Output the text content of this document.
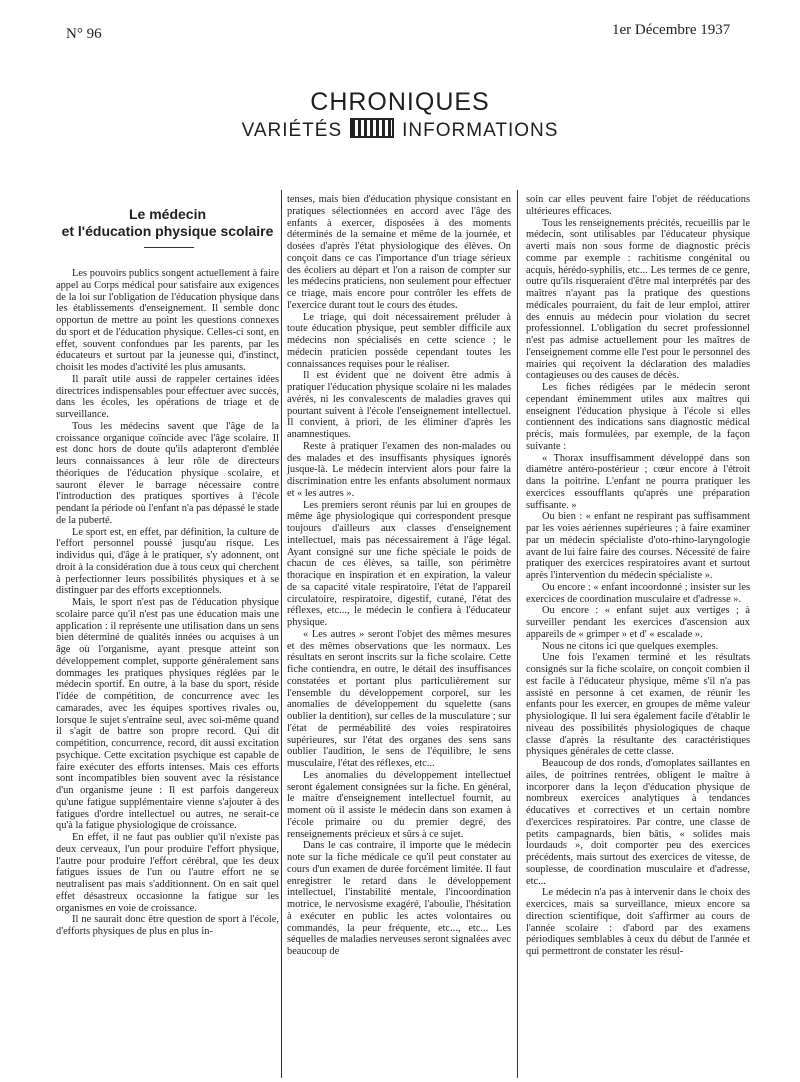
N° 96	1er Décembre 1937
CHRONIQUES
VARIÉTÉS	INFORMATIONS
Le médecin
et l'éducation physique scolaire

Les pouvoirs publics songent actuellement à faire appel au Corps médical pour satisfaire aux exigences de la loi sur l'obligation de l'éducation physique dans les établissements d'enseignement. Il semble donc opportun de mettre au point les questions connexes du sport et de l'éducation physique. Celles-ci sont, en effet, souvent confondues par les parents, par les éducateurs et surtout par la jeunesse qui, d'instinct, choisit les modes d'activité les plus amusants.

Il paraît utile aussi de rappeler certaines idées directrices indispensables pour effectuer avec succès, dans les écoles, les opérations de triage et de surveillance.

Tous les médecins savent que l'âge de la croissance organique coïncide avec l'âge scolaire. Il est donc hors de doute qu'ils adapteront d'emblée leurs connaissances à leur rôle de directeurs théoriques de l'éducation physique scolaire, et sauront élever le barrage nécessaire contre l'introduction des pratiques sportives à l'école pendant la période où l'enfant n'a pas dépassé le stade de la puberté.

Le sport est, en effet, par définition, la culture de l'effort personnel poussé jusqu'au risque. Les individus qui, d'âge à le pratiquer, s'y adonnent, ont droit à la considération due à tous ceux qui cherchent à perfectionner leurs possibilités physiques et à se distinguer par des efforts exceptionnels.

Mais, le sport n'est pas de l'éducation physique scolaire parce qu'il n'est pas une éducation mais une application : il représente une utilisation dans un sens bien déterminé de qualités innées ou acquises à un âge où l'organisme, ayant presque atteint son développement complet, supporte généralement sans dommages les pratiques physiques réglées par le médecin sportif. En outre, à la base du sport, réside l'idée de compétition, de concurrence avec les camarades, avec les équipes sportives rivales ou, lorsque le sujet s'entraîne seul, avec soi-même quand il s'agit de battre son propre record. Qui dit compétition, concurrence, record, dit aussi excitation psychique. Cette excitation psychique est capable de faire exécuter des efforts intenses. Mais ces efforts sont incompatibles bien souvent avec la résistance d'un organisme jeune : Il est parfois dangereux qu'une fatigue supplémentaire vienne s'ajouter à des fatigues d'ordre intellectuel ou autres, ne serait-ce qu'à la fatigue physiologique de croissance.

En effet, il ne faut pas oublier qu'il n'existe pas deux cerveaux, l'un pour produire l'effort physique, l'autre pour produire l'effort cérébral, que les deux fatigues issues de l'un ou l'autre effort ne se neutralisent pas mais s'additionnent. On en sait quel effet désastreux occasionne la fatigue sur les organismes en voie de croissance.

Il ne saurait donc être question de sport à l'école, d'efforts physiques de plus en plus in-

tenses, mais bien d'éducation physique consistant en pratiques sélectionnées en accord avec l'âge des enfants à exercer, disposées à des moments déterminés de la semaine et même de la journée, et dosées d'après l'état physiologique des élèves. On conçoit dans ce cas l'importance d'un triage sérieux des écoliers au départ et l'on a raison de compter sur les médecins praticiens, non seulement pour effectuer ce triage, mais encore pour contrôler les effets de l'exercice durant tout le cours des études.

Le triage, qui doit nécessairement préluder à toute éducation physique, peut sembler difficile aux médecins non spécialisés en cette science ; le médecin praticien possède cependant toutes les connaissances requises pour le réaliser.

Il est évident que ne doivent être admis à pratiquer l'éducation physique scolaire ni les malades avérés, ni les convalescents de maladies graves qui pourtant suivent à l'école l'enseignement intellectuel. Il convient, à priori, de les éliminer d'après les anamnestiques.

Reste à pratiquer l'examen des non-malades ou des malades et des insuffisants physiques ignorés jusque-là. Le médecin intervient alors pour faire la discrimination entre les enfants absolument normaux et « les autres ».

Les premiers seront réunis par lui en groupes de même âge physiologique qui correspondent presque toujours d'ailleurs aux classes d'enseignement intellectuel, mais pas nécessairement à l'âge légal. Ayant consigné sur une fiche spéciale le poids de chacun de ces élèves, sa taille, son périmètre thoracique en inspiration et en expiration, la valeur de sa capacité vitale respiratoire, l'état de l'appareil circulatoire, respiratoire, digestif, cutané, l'état des réflexes, etc..., le médecin le confiera à l'éducateur physique.

« Les autres » seront l'objet des mêmes mesures et des mêmes observations que les normaux. Les résultats en seront inscrits sur la fiche scolaire. Cette fiche contiendra, en outre, le détail des insuffisances constatées et portant plus particulièrement sur l'ensemble du développement corporel, sur les anomalies de développement du squelette (sans oublier la dentition), sur celles de la musculature ; sur l'état de perméabilité des voies respiratoires supérieures, sur l'état des organes des sens sans oublier l'audition, le sens de l'équilibre, le sens musculaire, l'état des réflexes, etc...

Les anomalies du développement intellectuel seront également consignées sur la fiche. En général, le maître d'enseignement intellectuel fournit, au moment où il assiste le médecin dans son examen à l'école primaire ou du premier degré, des renseignements précieux et sûrs à ce sujet.

Dans le cas contraire, il importe que le médecin note sur la fiche médicale ce qu'il peut constater au cours d'un examen de durée forcément limitée. Il faut enregistrer le retard dans le développement intellectuel, l'instabilité mentale, l'incoordination motrice, le nervosisme exagéré, l'aboulie, l'hésitation à exécuter en public les actes volontaires ou commandés, la peur fréquente, etc..., etc... Les séquelles de maladies nerveuses seront signalées avec beaucoup de

soin car elles peuvent faire l'objet de rééducations ultérieures efficaces.

Tous les renseignements précités, recueillis par le médecin, sont utilisables par l'éducateur physique averti mais non sous forme de diagnostic précis comme par exemple : rachitisme congénital ou acquis, hérédo-syphilis, etc... Les termes de ce genre, outre qu'ils risqueraient d'être mal interprétés par des maîtres n'ayant pas la pratique des questions médicales pourraient, du fait de leur emploi, attirer des ennuis au médecin pour violation du secret professionnel. L'obligation du secret professionnel n'est pas admise actuellement pour les maîtres de l'enseignement comme elle l'est pour le personnel des mairies qui reçoivent la déclaration des maladies contagieuses ou des causes de décès.

Les fiches rédigées par le médecin seront cependant éminemment utiles aux maîtres qui enseignent l'éducation physique à l'école si elles contiennent des indications sans diagnostic médical précis, mais formulées, par exemple, de la façon suivante :

« Thorax insuffisamment développé dans son diamètre antéro-postérieur ; cœur encore à l'étroit dans la poitrine. L'enfant ne pourra pratiquer les exercices essoufflants qu'après une préparation suffisante. »

Ou bien : « enfant ne respirant pas suffisamment par les voies aériennes supérieures ; à faire examiner par un médecin spécialiste d'oto-rhino-laryngologie avant de lui faire faire des courses. Nécessité de faire pratiquer des exercices respiratoires avant et surtout après l'intervention du médecin spécialiste ».

Ou encore : « enfant incoordonné ; insister sur les exercices de coordination musculaire et d'adresse ».

Ou encore : « enfant sujet aux vertiges ; à surveiller pendant les exercices d'ascension aux appareils de « grimper » et d' « escalade ».

Nous ne citons ici que quelques exemples.

Une fois l'examen terminé et les résultats consignés sur la fiche scolaire, on conçoit combien il est facile à l'éducateur physique, même s'il n'a pas assisté en personne à cet examen, de réunir les enfants pour les exercer, en groupes de même valeur physiologique. Il lui sera également facile d'établir le niveau des possibilités physiologiques de chaque classe d'après la résultante des caractéristiques physiques générales de cette classe.

Beaucoup de dos ronds, d'omoplates saillantes en ailes, de poitrines rentrées, obligent le maître à incorporer dans la leçon d'éducation physique de nombreux exercices analytiques à tendances éducatives et correctives et un certain nombre d'exercices respiratoires. Par contre, une classe de petits campagnards, bien bâtis, « solides mais lourdauds », doit comporter peu des exercices précédents, mais surtout des exercices de vitesse, de souplesse, de coordination musculaire et d'adresse, etc...

Le médecin n'a pas à intervenir dans le choix des exercices, mais sa surveillance, mieux encore sa direction scientifique, doit s'affirmer au cours de l'année scolaire : d'abord par des examens périodiques semblables à ceux du début de l'année et qui permettront de constater les résul-
